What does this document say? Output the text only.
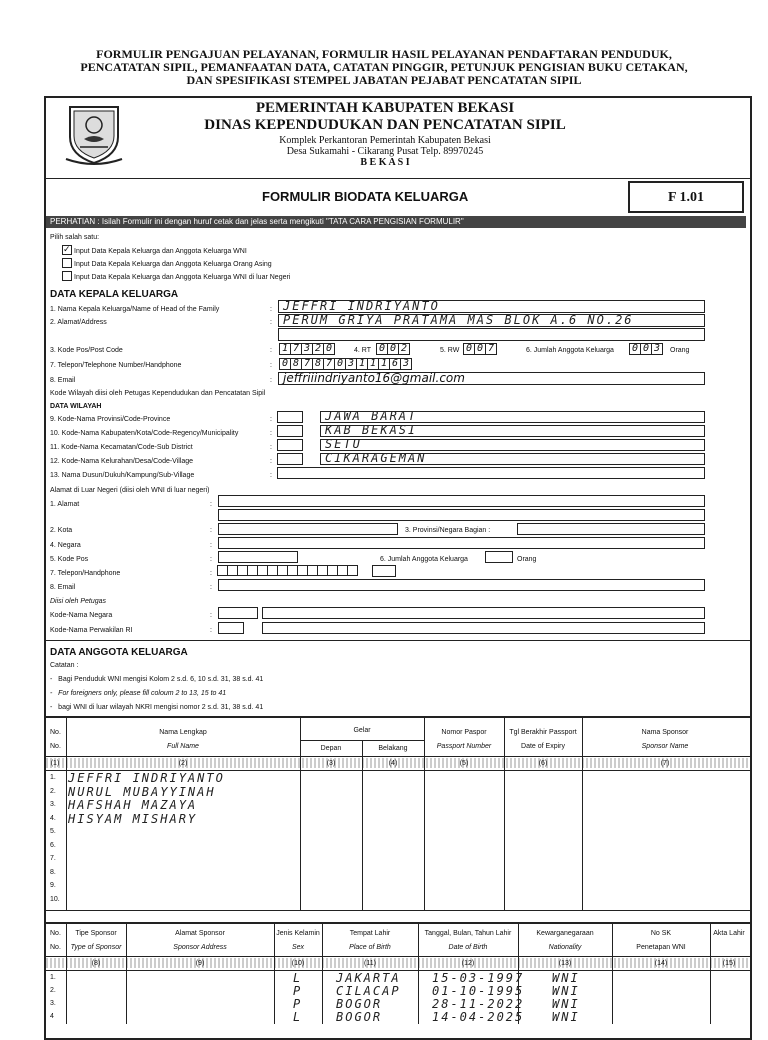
FORMULIR PENGAJUAN PELAYANAN, FORMULIR HASIL PELAYANAN PENDAFTARAN PENDUDUK,
PENCATATAN SIPIL, PEMANFAATAN DATA, CATATAN PINGGIR, PETUNJUK PENGISIAN BUKU CETAKAN,
DAN SPESIFIKASI STEMPEL JABATAN PEJABAT PENCATATAN SIPIL
PEMERINTAH KABUPATEN BEKASI
DINAS KEPENDUDUKAN DAN PENCATATAN SIPIL
Komplek Perkantoran Pemerintah Kabupaten Bekasi
Desa Sukamahi - Cikarang Pusat Telp. 89970245
B E K A S I
FORMULIR BIODATA KELUARGA	F 1.01
PERHATIAN : Isilah Formulir ini dengan huruf cetak dan jelas serta mengikuti "TATA CARA PENGISIAN FORMULIR"
Pilih salah satu:
✓ Input Data Kepala Keluarga dan Anggota Keluarga WNI
Input Data Kepala Keluarga dan Anggota Keluarga Orang Asing
Input Data Kepala Keluarga dan Anggota Keluarga WNI di luar Negeri
DATA KEPALA KELUARGA
1. Nama Kepala Keluarga/Name of Head of the Family	: JEFFRI INDRIYANTO
2. Alamat/Address	: PERUM GRIYA PRATAMA MAS BLOK A.6 NO.26
3. Kode Pos/Post Code	: 1 7 3 2 0	4. RT 0 0 2	5. RW 0 0 7	6. Jumlah Anggota Keluarga 0 0 3	Orang
7. Telepon/Telephone Number/Handphone	: 0 8 7 8 7 0 3 1 1 1 6 3
8. Email	: jeffriiindriyanto16@gmail.com
Kode Wilayah diisi oleh Petugas Kependudukan dan Pencatatan Sipil
DATA WILAYAH
9. Kode-Nama Provinsi/Code-Province	:	JAWA BARAT
10. Kode-Nama Kabupaten/Kota/Code-Regency/Municipality	:	KAB BEKASI
11. Kode-Nama Kecamatan/Code-Sub District	:	SETU
12. Kode-Nama Kelurahan/Desa/Code-Village	:	CIKARAGEMAN
13. Nama Dusun/Dukuh/Kampung/Sub-Village	:
Alamat di Luar Negeri (diisi oleh WNI di luar negeri)
1. Alamat	:
2. Kota	:	3. Provinsi/Negara Bagian :
4. Negara	:
5. Kode Pos	:	6. Jumlah Anggota Keluarga	Orang
7. Telepon/Handphone	:
8. Email	:
Diisi oleh Petugas
Kode-Nama Negara	:
Kode-Nama Perwakilan RI	:
DATA ANGGOTA KELUARGA
Catatan :
-   Bagi Penduduk WNI mengisi Kolom 2 s.d. 6, 10 s.d. 31, 38 s.d. 41
-   For foreigners only, please fill coloum 2 to 13, 15 to 41
-   bagi WNI di luar wilayah NKRI mengisi nomor 2 s.d. 31, 38 s.d. 41
No.
No.
Nama Lengkap
Full Name
Gelar
Depan	Belakang
Nomor Paspor
Passport Number
Tgl Berakhir Passport
Date of Expiry
Nama Sponsor
Sponsor Name
(1)	(2)	(3)	(4)	(5)	(6)	(7)
1. JEFFRI INDRIYANTO
2. NURUL MUBAYYINAH
3. HAFSHAH MAZAYA
4. HISYAM MISHARY
5.
6.
7.
8.
9.
10.
No.
No.
Tipe Sponsor
Type of Sponsor
Alamat Sponsor
Sponsor Address
Jenis Kelamin
Sex
Tempat Lahir
Place of Birth
Tanggal, Bulan, Tahun Lahir
Date of Birth
Kewarganegaraan
Nationality
No SK
Penetapan WNI
Akta Lahir
(8)	(9)	(10)	(11)	(12)	(13)	(14)	(15)
1.	L	JAKARTA	15-03-1997 WNI
2.	P	CILACAP	01-10-1995 WNI
3.	P	BOGOR	28-11-2022 WNI
4	L	BOGOR	14-04-2025 WNI
